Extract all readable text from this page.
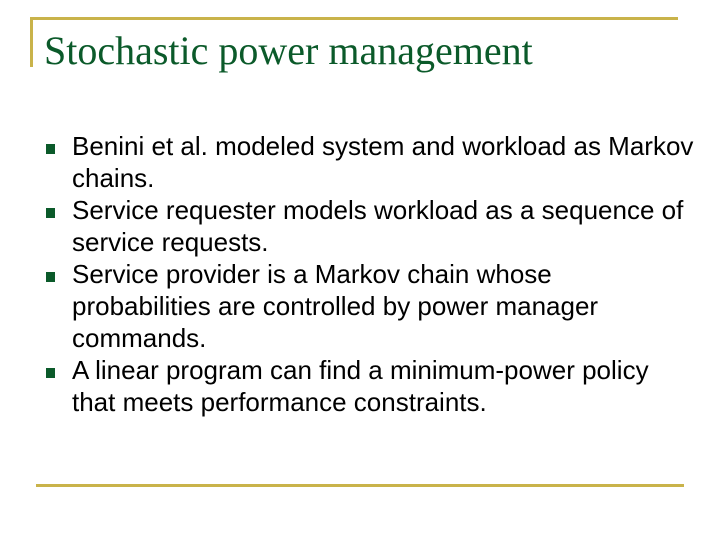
Stochastic power management
Benini et al. modeled system and workload as Markov chains.
Service requester models workload as a sequence of service requests.
Service provider is a Markov chain whose probabilities are controlled by power manager commands.
A linear program can find a minimum-power policy that meets performance constraints.
